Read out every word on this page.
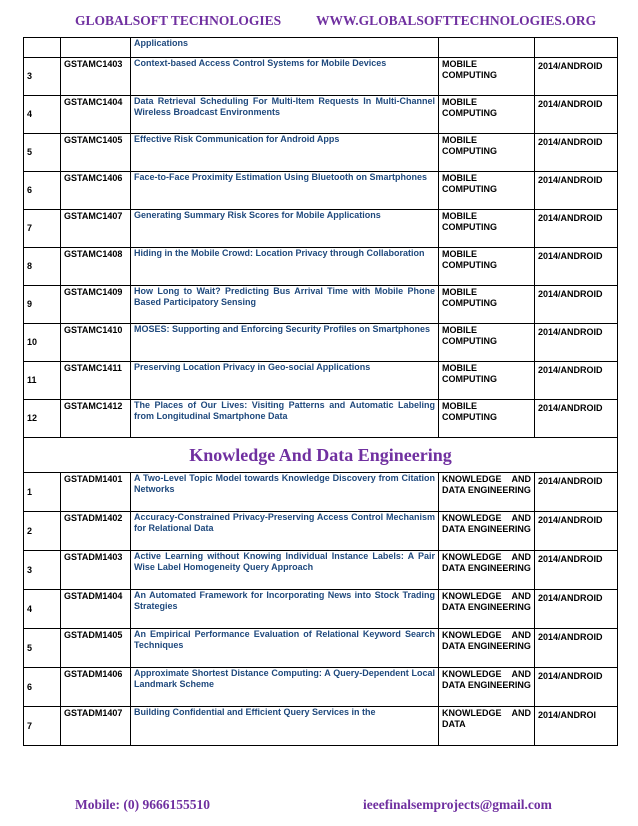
GLOBALSOFT TECHNOLOGIES	WWW.GLOBALSOFTTECHNOLOGIES.ORG
		Applications		
3	GSTAMC1403	Context-based Access Control Systems for Mobile Devices	MOBILE COMPUTING	2014/ANDROID
4	GSTAMC1404	Data Retrieval Scheduling For Multi-Item Requests In Multi-Channel Wireless Broadcast Environments	MOBILE COMPUTING	2014/ANDROID
5	GSTAMC1405	Effective Risk Communication for Android Apps	MOBILE COMPUTING	2014/ANDROID
6	GSTAMC1406	Face-to-Face Proximity Estimation Using Bluetooth on Smartphones	MOBILE COMPUTING	2014/ANDROID
7	GSTAMC1407	Generating Summary Risk Scores for Mobile Applications	MOBILE COMPUTING	2014/ANDROID
8	GSTAMC1408	Hiding in the Mobile Crowd: Location Privacy through Collaboration	MOBILE COMPUTING	2014/ANDROID
9	GSTAMC1409	How Long to Wait? Predicting Bus Arrival Time with Mobile Phone Based Participatory Sensing	MOBILE COMPUTING	2014/ANDROID
10	GSTAMC1410	MOSES: Supporting and Enforcing Security Profiles on Smartphones	MOBILE COMPUTING	2014/ANDROID
11	GSTAMC1411	Preserving Location Privacy in Geo-social Applications	MOBILE COMPUTING	2014/ANDROID
12	GSTAMC1412	The Places of Our Lives: Visiting Patterns and Automatic Labeling from Longitudinal Smartphone Data	MOBILE COMPUTING	2014/ANDROID
Knowledge And Data Engineering				
1	GSTADM1401	A Two-Level Topic Model towards Knowledge Discovery from Citation Networks	KNOWLEDGE AND DATA ENGINEERING	2014/ANDROID
2	GSTADM1402	Accuracy-Constrained Privacy-Preserving Access Control Mechanism for Relational Data	KNOWLEDGE AND DATA ENGINEERING	2014/ANDROID
3	GSTADM1403	Active Learning without Knowing Individual Instance Labels: A Pair Wise Label Homogeneity Query Approach	KNOWLEDGE AND DATA ENGINEERING	2014/ANDROID
4	GSTADM1404	An Automated Framework for Incorporating News into Stock Trading Strategies	KNOWLEDGE AND DATA ENGINEERING	2014/ANDROID
5	GSTADM1405	An Empirical Performance Evaluation of Relational Keyword Search Techniques	KNOWLEDGE AND DATA ENGINEERING	2014/ANDROID
6	GSTADM1406	Approximate Shortest Distance Computing: A Query-Dependent Local Landmark Scheme	KNOWLEDGE AND DATA ENGINEERING	2014/ANDROID
7	GSTADM1407	Building Confidential and Efficient Query Services in the	KNOWLEDGE AND DATA	2014/ANDROI
Mobile: (0) 9666155510	ieeefinalsemprojects@gmail.com
